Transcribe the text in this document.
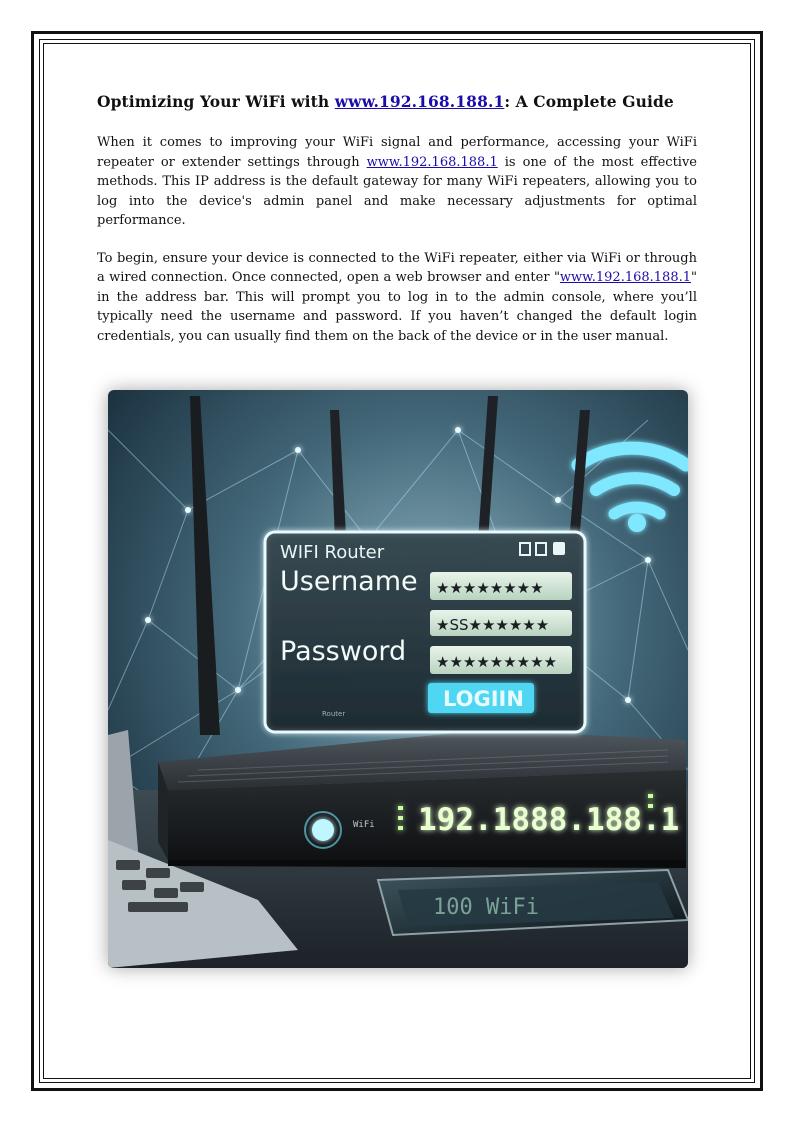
Optimizing Your WiFi with www.192.168.188.1: A Complete Guide

When it comes to improving your WiFi signal and performance, accessing your WiFi repeater or extender settings through www.192.168.188.1 is one of the most effective methods. This IP address is the default gateway for many WiFi repeaters, allowing you to log into the device's admin panel and make necessary adjustments for optimal performance.

To begin, ensure your device is connected to the WiFi repeater, either via WiFi or through a wired connection. Once connected, open a web browser and enter "www.192.168.188.1" in the address bar. This will prompt you to log in to the admin console, where you’ll typically need the username and password. If you haven’t changed the default login credentials, you can usually find them on the back of the device or in the user manual.

WiFi 192.1888.188.1
100 WiFi
WIFI Router
Username ★★★★★★★★
★SS★★★★★★
Password ★★★★★★★★★
LOGIIN
Router
